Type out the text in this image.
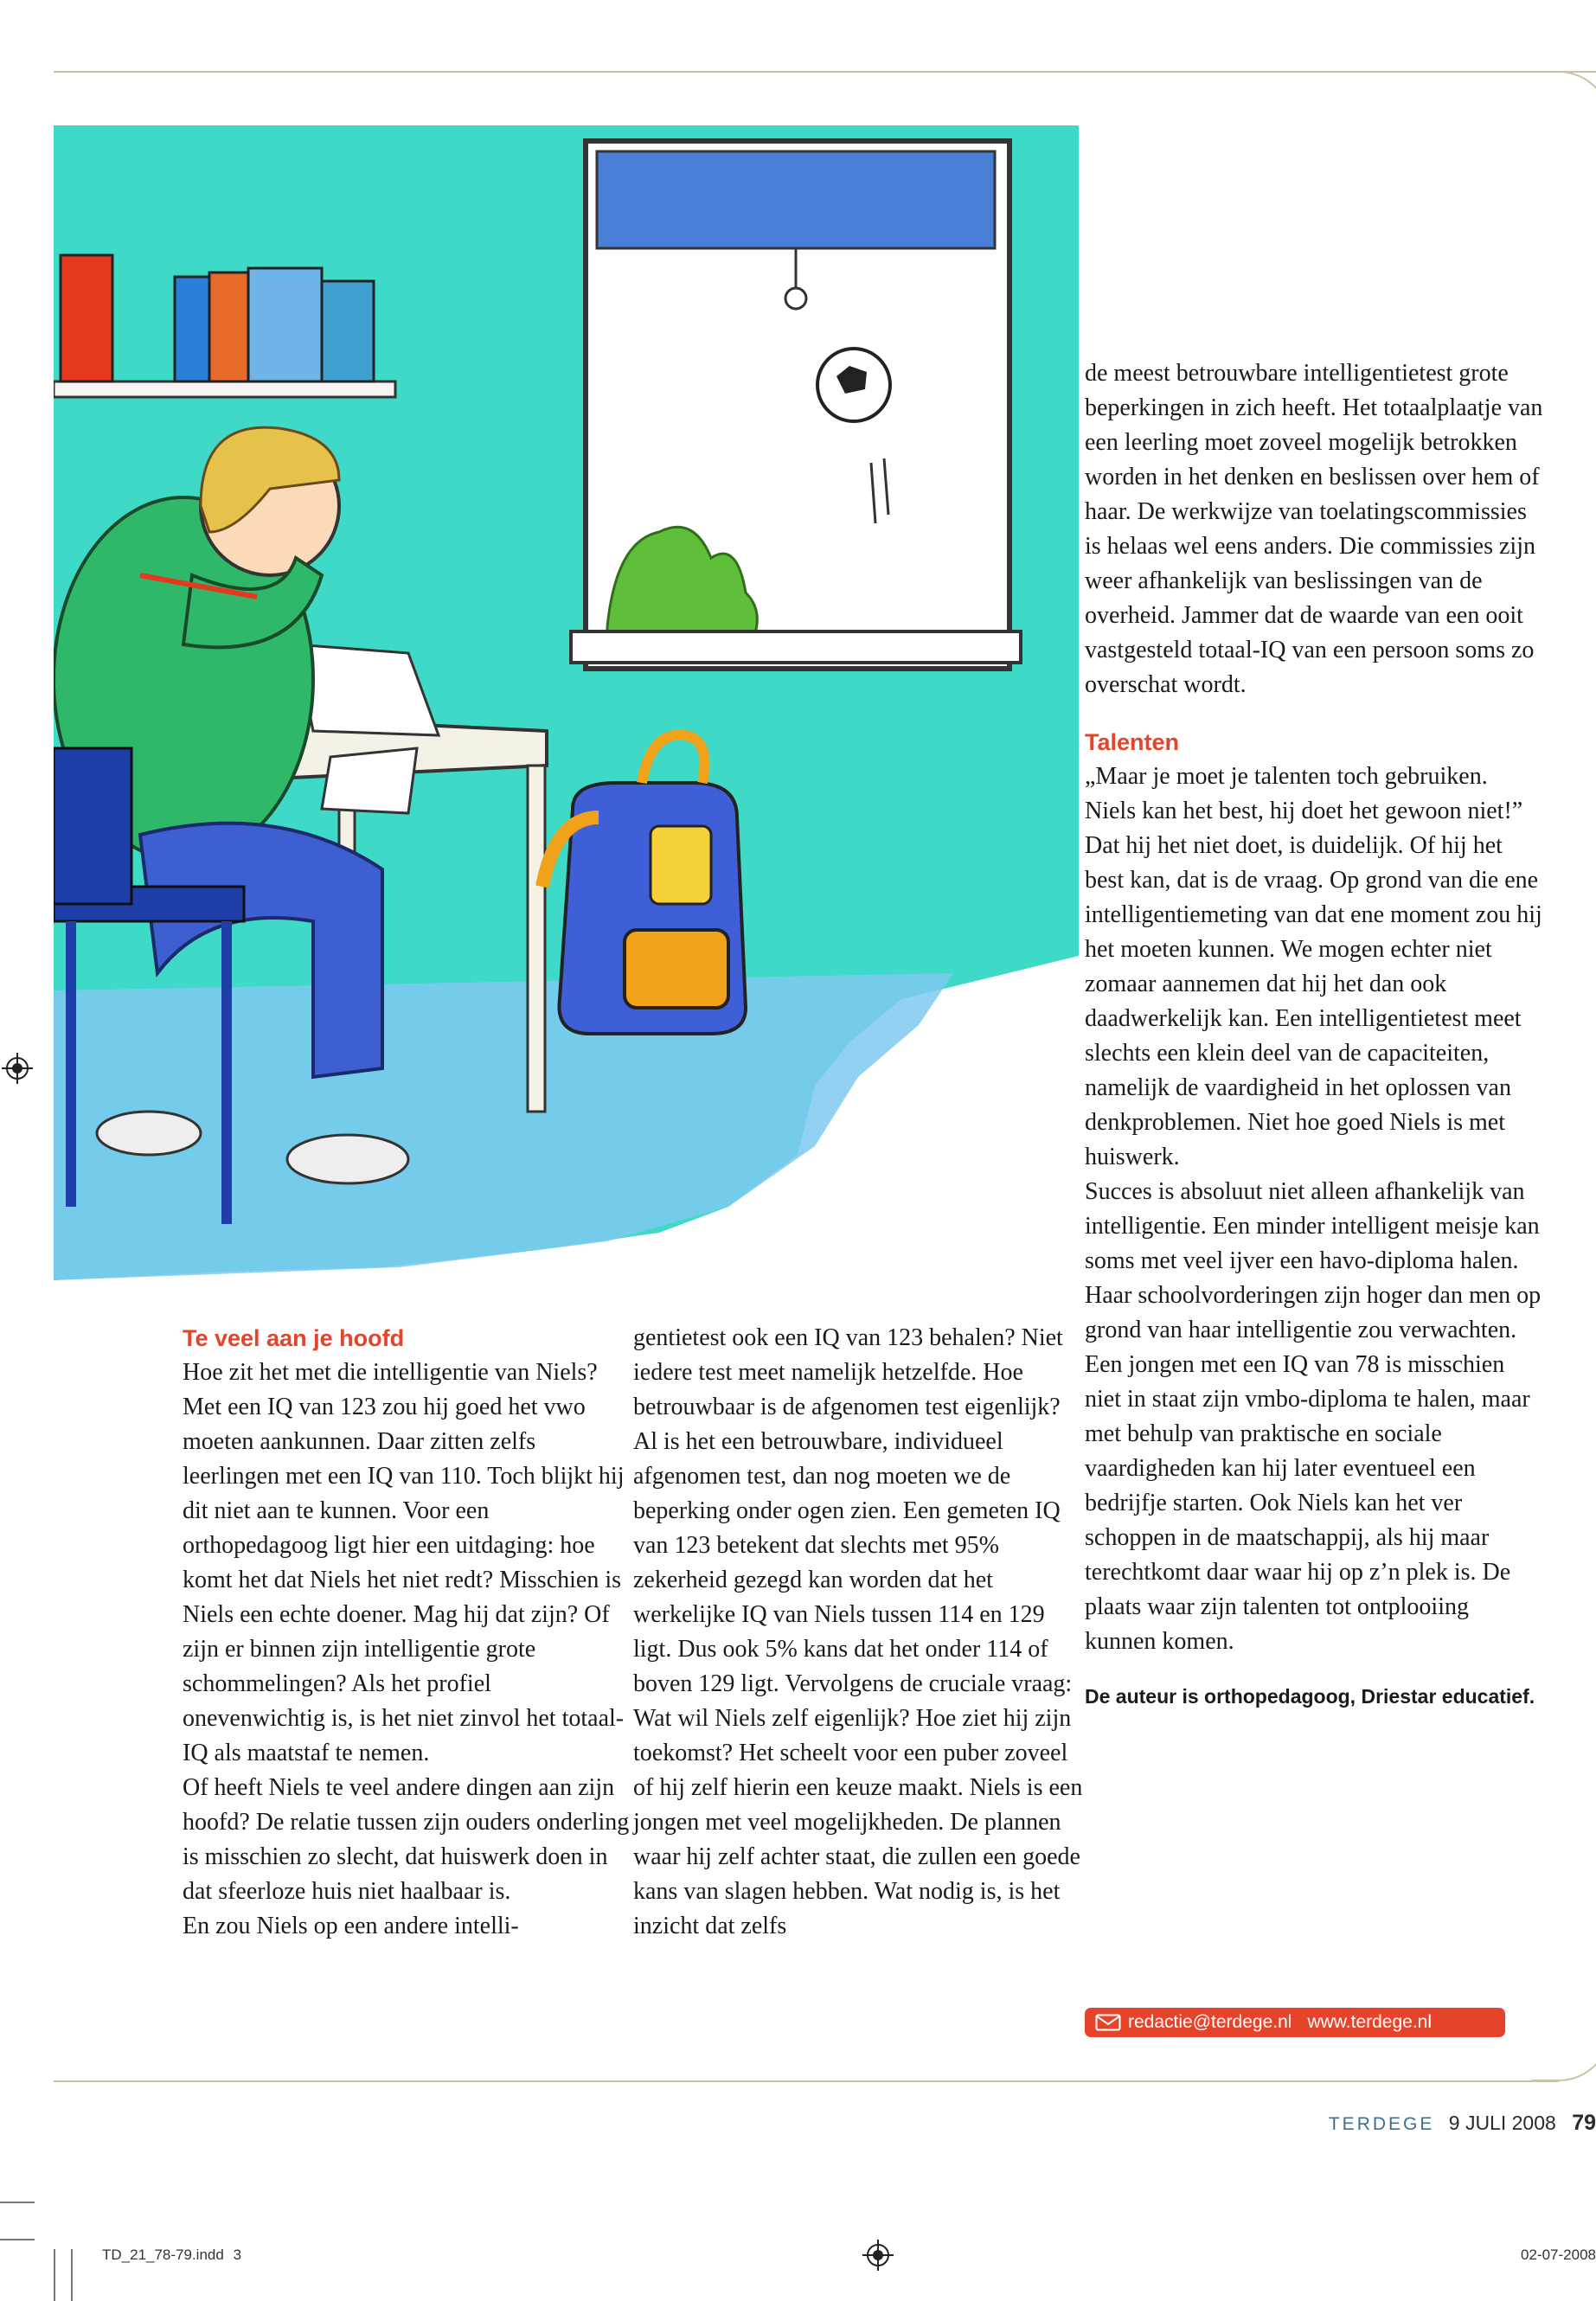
Te veel aan je hoofd

Hoe zit het met die intelligentie van Niels? Met een IQ van 123 zou hij goed het vwo moeten aankunnen. Daar zitten zelfs leerlingen met een IQ van 110. Toch blijkt hij dit niet aan te kunnen. Voor een orthopedagoog ligt hier een uitdaging: hoe komt het dat Niels het niet redt? Misschien is Niels een echte doener. Mag hij dat zijn? Of zijn er binnen zijn intelligentie grote schommelingen? Als het profiel onevenwichtig is, is het niet zinvol het totaal-IQ als maatstaf te nemen.

Of heeft Niels te veel andere dingen aan zijn hoofd? De relatie tussen zijn ouders onderling is misschien zo slecht, dat huiswerk doen in dat sfeerloze huis niet haalbaar is.

En zou Niels op een andere intelli-

gentietest ook een IQ van 123 behalen? Niet iedere test meet namelijk hetzelfde. Hoe betrouwbaar is de afgenomen test eigenlijk? Al is het een betrouwbare, individueel afgenomen test, dan nog moeten we de beperking onder ogen zien. Een gemeten IQ van 123 betekent dat slechts met 95% zekerheid gezegd kan worden dat het werkelijke IQ van Niels tussen 114 en 129 ligt. Dus ook 5% kans dat het onder 114 of boven 129 ligt. Vervolgens de cruciale vraag: Wat wil Niels zelf eigenlijk? Hoe ziet hij zijn toekomst? Het scheelt voor een puber zoveel of hij zelf hierin een keuze maakt. Niels is een jongen met veel mogelijkheden. De plannen waar hij zelf achter staat, die zullen een goede kans van slagen hebben. Wat nodig is, is het inzicht dat zelfs

de meest betrouwbare intelligentietest grote beperkingen in zich heeft. Het totaalplaatje van een leerling moet zoveel mogelijk betrokken worden in het denken en beslissen over hem of haar. De werkwijze van toelatingscommissies is helaas wel eens anders. Die commissies zijn weer afhankelijk van beslissingen van de overheid. Jammer dat de waarde van een ooit vastgesteld totaal-IQ van een persoon soms zo overschat wordt.

Talenten

„Maar je moet je talenten toch gebruiken. Niels kan het best, hij doet het gewoon niet!” Dat hij het niet doet, is duidelijk. Of hij het best kan, dat is de vraag. Op grond van die ene intelligentiemeting van dat ene moment zou hij het moeten kunnen. We mogen echter niet zomaar aannemen dat hij het dan ook daadwerkelijk kan. Een intelligentietest meet slechts een klein deel van de capaciteiten, namelijk de vaardigheid in het oplossen van denkproblemen. Niet hoe goed Niels is met huiswerk.

Succes is absoluut niet alleen afhankelijk van intelligentie. Een minder intelligent meisje kan soms met veel ijver een havo-diploma halen. Haar schoolvorderingen zijn hoger dan men op grond van haar intelligentie zou verwachten. Een jongen met een IQ van 78 is misschien niet in staat zijn vmbo-diploma te halen, maar met behulp van praktische en sociale vaardigheden kan hij later eventueel een bedrijfje starten. Ook Niels kan het ver schoppen in de maatschappij, als hij maar terechtkomt daar waar hij op z’n plek is. De plaats waar zijn talenten tot ontplooiing kunnen komen.

De auteur is orthopedagoog, Driestar educatief.

redactie@terdege.nl www.terdege.nl
TERDEGE 9 JULI 2008 79
TD_21_78-79.indd 3	02-07-2008
